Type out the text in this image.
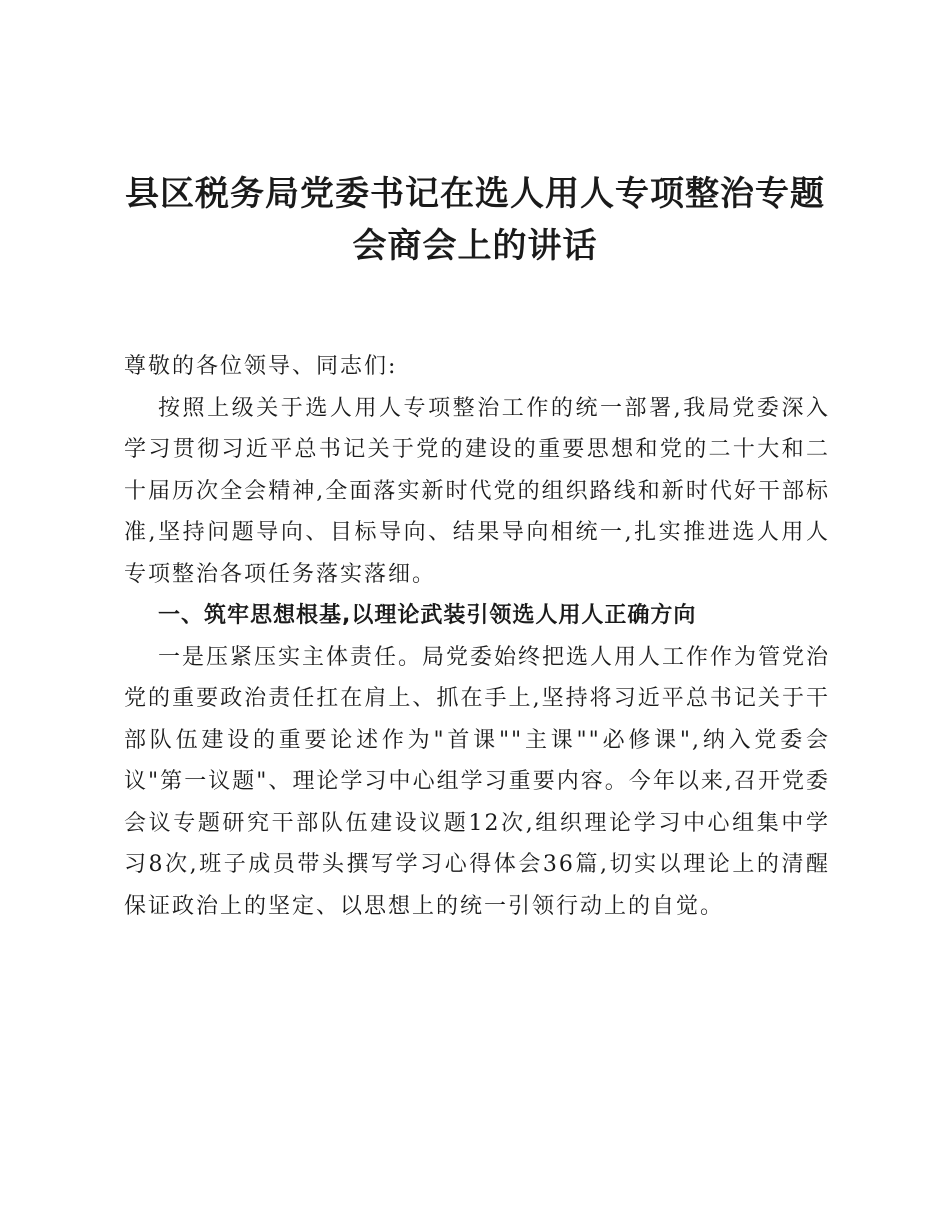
县区税务局党委书记在选人用人专项整治专题
会商会上的讲话

尊敬的各位领导、同志们:

按照上级关于选人用人专项整治工作的统一部署,我局党委深入学习贯彻习近平总书记关于党的建设的重要思想和党的二十大和二十届历次全会精神,全面落实新时代党的组织路线和新时代好干部标准,坚持问题导向、目标导向、结果导向相统一,扎实推进选人用人专项整治各项任务落实落细。

一、筑牢思想根基,以理论武装引领选人用人正确方向

一是压紧压实主体责任。局党委始终把选人用人工作作为管党治党的重要政治责任扛在肩上、抓在手上,坚持将习近平总书记关于干部队伍建设的重要论述作为"首课""主课""必修课",纳入党委会议"第一议题"、理论学习中心组学习重要内容。今年以来,召开党委会议专题研究干部队伍建设议题12次,组织理论学习中心组集中学习8次,班子成员带头撰写学习心得体会36篇,切实以理论上的清醒保证政治上的坚定、以思想上的统一引领行动上的自觉。
